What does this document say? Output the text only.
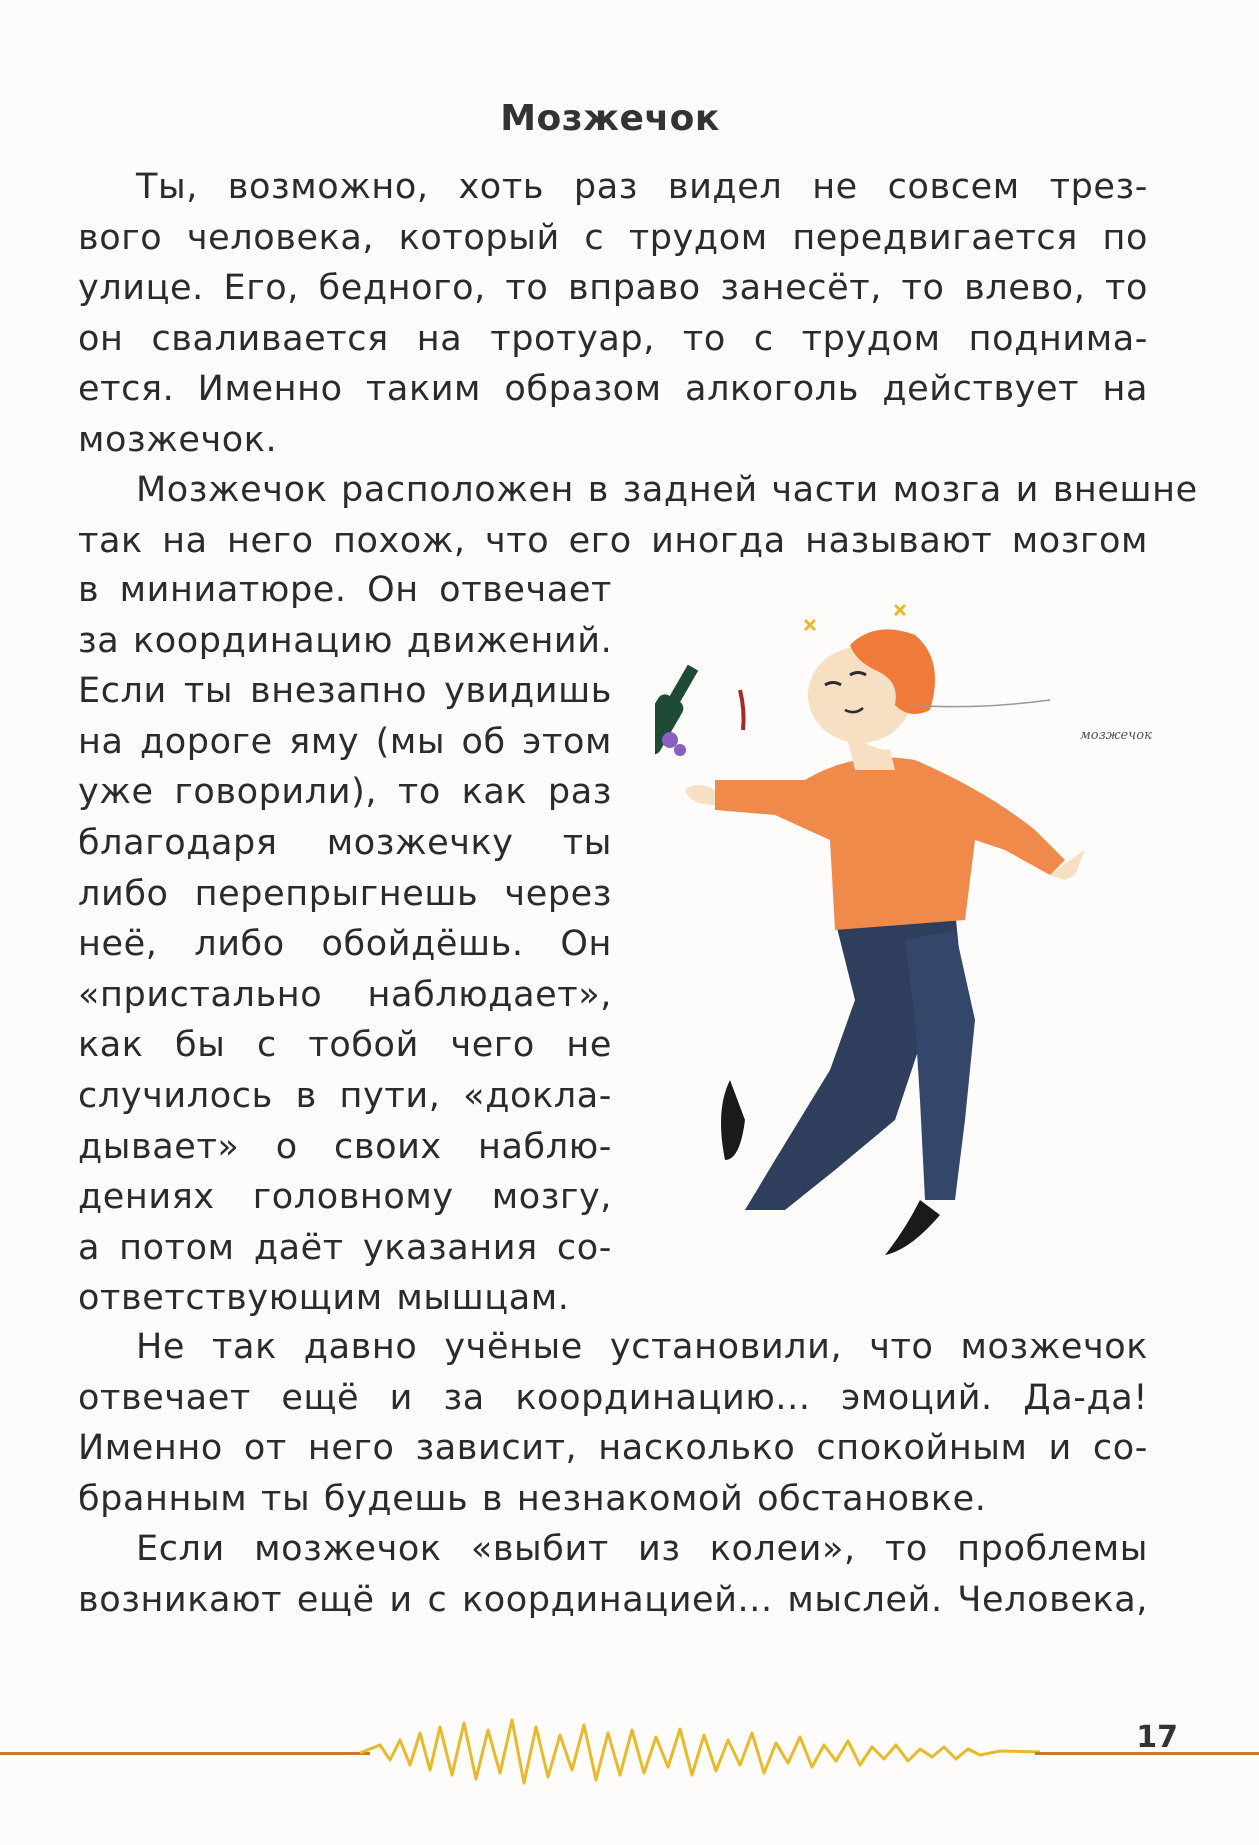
Мозжечок
Ты, возможно, хоть раз видел не совсем трез-
вого человека, который с трудом передвигается по
улице. Его, бедного, то вправо занесёт, то влево, то
он сваливается на тротуар, то с трудом поднима-
ется. Именно таким образом алкоголь действует на
мозжечок.
Мозжечок расположен в задней части мозга и внешне
так на него похож, что его иногда называют мозгом
в миниатюре. Он отвечает
за координацию движений.
Если ты внезапно увидишь
на дороге яму (мы об этом
уже говорили), то как раз
благодаря мозжечку ты
либо перепрыгнешь через
неё, либо обойдёшь. Он
«пристально наблюдает»,
как бы с тобой чего не
случилось в пути, «доклa-
дывает» о своих наблю-
дениях головному мозгу,
а потом даёт указания со-
ответствующим мышцам.
мозжечок
Не так давно учёные установили, что мозжечок
отвечает ещё и за координацию... эмоций. Да-да!
Именно от него зависит, насколько спокойным и со-
бранным ты будешь в незнакомой обстановке.
Если мозжечок «выбит из колеи», то проблемы
возникают ещё и с координацией... мыслей. Человека,
17
